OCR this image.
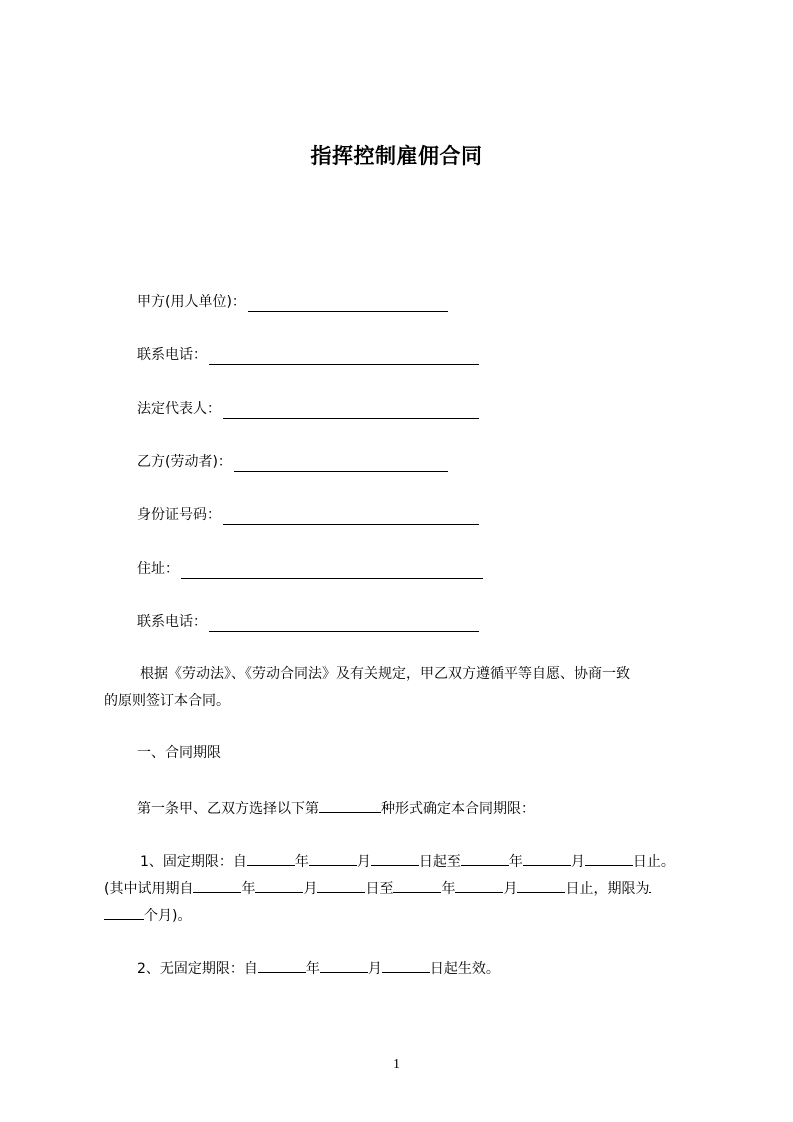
指挥控制雇佣合同
甲方(用人单位)：
联系电话：
法定代表人：
乙方(劳动者)：
身份证号码：
住址：
联系电话：
根据《劳动法》、《劳动合同法》及有关规定，甲乙双方遵循平等自愿、协商一致
的原则签订本合同。
一、合同期限
第一条甲、乙双方选择以下第	种形式确定本合同期限：
1、固定期限：自	年	月	日起至	年	月	日止。
(其中试用期自	年	月	日至	年	月	日止，期限为
个月)。
2、无固定期限：自	年	月	日起生效。
1
